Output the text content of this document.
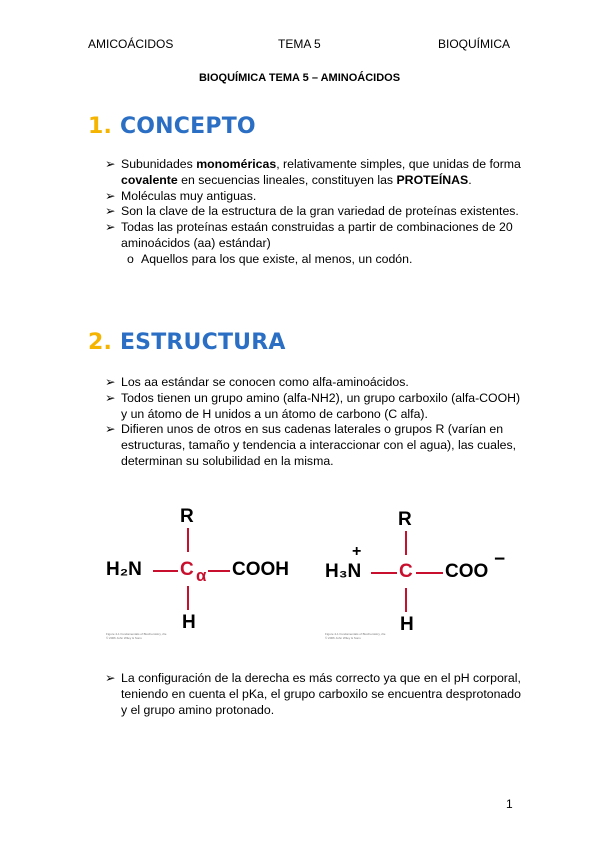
AMICOÁCIDOS	TEMA 5	BIOQUÍMICA
BIOQUÍMICA TEMA 5 – AMINOÁCIDOS
1. CONCEPTO
➢ Subunidades monoméricas, relativamente simples, que unidas de forma covalente en secuencias lineales, constituyen las PROTEÍNAS.
➢ Moléculas muy antiguas.
➢ Son la clave de la estructura de la gran variedad de proteínas existentes.
➢ Todas las proteínas estaán construidas a partir de combinaciones de 20 aminoácidos (aa) estándar)
o Aquellos para los que existe, al menos, un codón.
2. ESTRUCTURA
➢ Los aa estándar se conocen como alfa-aminoácidos.
➢ Todos tienen un grupo amino (alfa-NH2), un grupo carboxilo (alfa-COOH) y un átomo de H unidos a un átomo de carbono (C alfa).
➢ Difieren unos de otros en sus cadenas laterales o grupos R (varían en estructuras, tamaño y tendencia a interaccionar con el agua), las cuales, determinan su solubilidad en la misma.
R
H₂N C α COOH
H
Figure 4-1 Fundamentals of Biochemistry, 2/e
© 2006 John Wiley & Sons
R
+
H₃N C COO
−
H
Figure 4-1 Fundamentals of Biochemistry, 2/e
© 2006 John Wiley & Sons
➢ La configuración de la derecha es más correcto ya que en el pH corporal, teniendo en cuenta el pKa, el grupo carboxilo se encuentra desprotonado y el grupo amino protonado.
1
